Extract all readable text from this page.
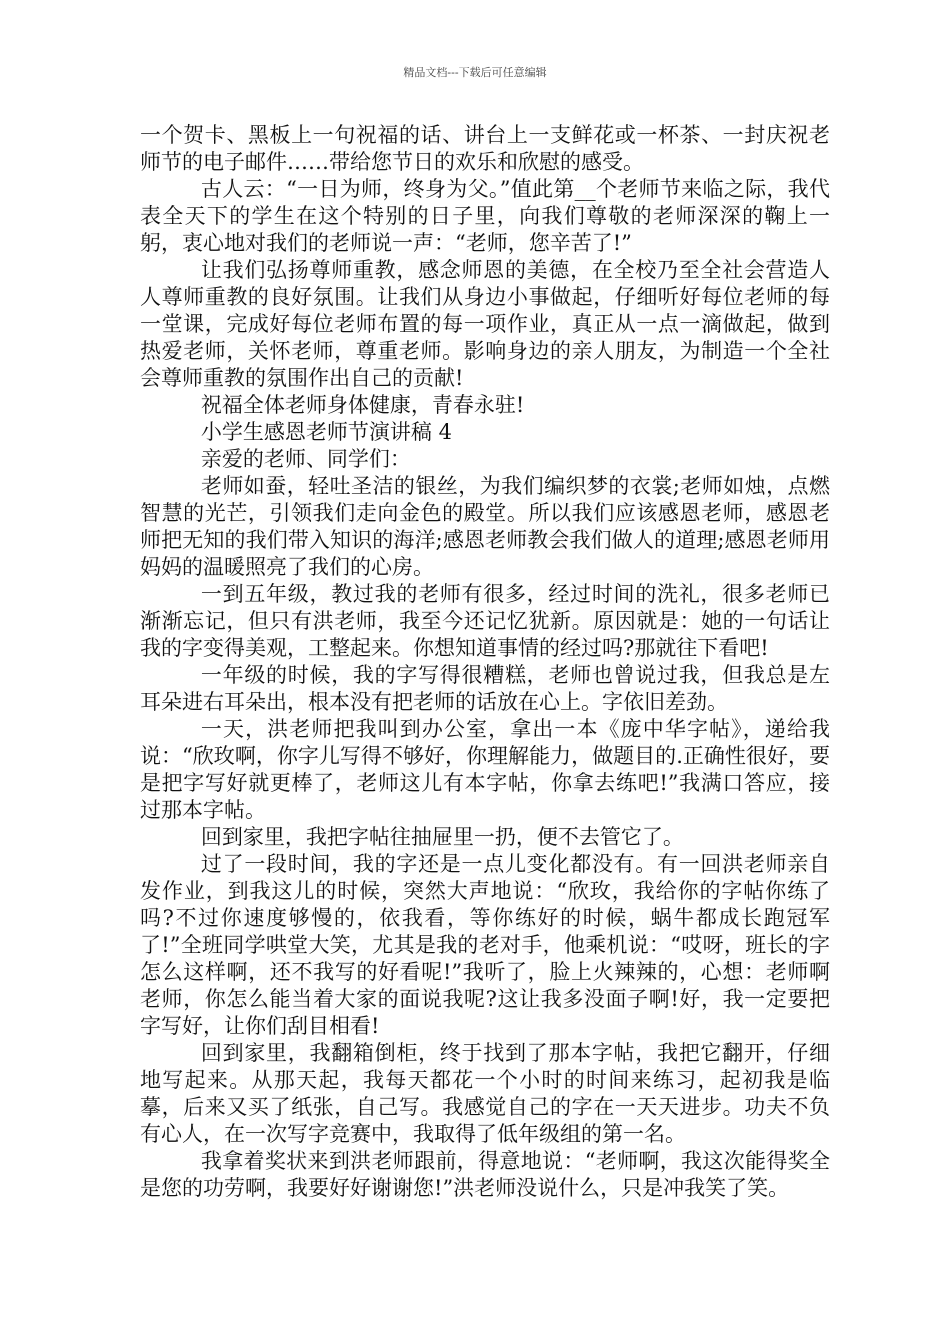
精品文档---下载后可任意编辑

一个贺卡、黑板上一句祝福的话、讲台上一支鲜花或一杯茶、一封庆祝老师节的电子邮件……带给您节日的欢乐和欣慰的感受。

古人云：“一日为师，终身为父。”值此第__个老师节来临之际，我代表全天下的学生在这个特别的日子里，向我们尊敬的老师深深的鞠上一躬，衷心地对我们的老师说一声：“老师，您辛苦了!”

让我们弘扬尊师重教，感念师恩的美德，在全校乃至全社会营造人人尊师重教的良好氛围。让我们从身边小事做起，仔细听好每位老师的每一堂课，完成好每位老师布置的每一项作业，真正从一点一滴做起，做到热爱老师，关怀老师，尊重老师。影响身边的亲人朋友，为制造一个全社会尊师重教的氛围作出自己的贡献!

祝福全体老师身体健康，青春永驻!

小学生感恩老师节演讲稿 4

亲爱的老师、同学们：

老师如蚕，轻吐圣洁的银丝，为我们编织梦的衣裳;老师如烛，点燃智慧的光芒，引领我们走向金色的殿堂。所以我们应该感恩老师，感恩老师把无知的我们带入知识的海洋;感恩老师教会我们做人的道理;感恩老师用妈妈的温暖照亮了我们的心房。

一到五年级，教过我的老师有很多，经过时间的洗礼，很多老师已渐渐忘记，但只有洪老师，我至今还记忆犹新。原因就是：她的一句话让我的字变得美观，工整起来。你想知道事情的经过吗?那就往下看吧!

一年级的时候，我的字写得很糟糕，老师也曾说过我，但我总是左耳朵进右耳朵出，根本没有把老师的话放在心上。字依旧差劲。

一天，洪老师把我叫到办公室，拿出一本《庞中华字帖》，递给我说：“欣玫啊，你字儿写得不够好，你理解能力，做题目的.正确性很好，要是把字写好就更棒了，老师这儿有本字帖，你拿去练吧!”我满口答应，接过那本字帖。

回到家里，我把字帖往抽屉里一扔，便不去管它了。

过了一段时间，我的字还是一点儿变化都没有。有一回洪老师亲自发作业，到我这儿的时候，突然大声地说：“欣玫，我给你的字帖你练了吗?不过你速度够慢的，依我看，等你练好的时候，蜗牛都成长跑冠军了!”全班同学哄堂大笑，尤其是我的老对手，他乘机说：“哎呀，班长的字怎么这样啊，还不我写的好看呢!”我听了，脸上火辣辣的，心想：老师啊老师，你怎么能当着大家的面说我呢?这让我多没面子啊!好，我一定要把字写好，让你们刮目相看!

回到家里，我翻箱倒柜，终于找到了那本字帖，我把它翻开，仔细地写起来。从那天起，我每天都花一个小时的时间来练习，起初我是临摹，后来又买了纸张，自己写。我感觉自己的字在一天天进步。功夫不负有心人，在一次写字竞赛中，我取得了低年级组的第一名。

我拿着奖状来到洪老师跟前，得意地说：“老师啊，我这次能得奖全是您的功劳啊，我要好好谢谢您!”洪老师没说什么，只是冲我笑了笑。
